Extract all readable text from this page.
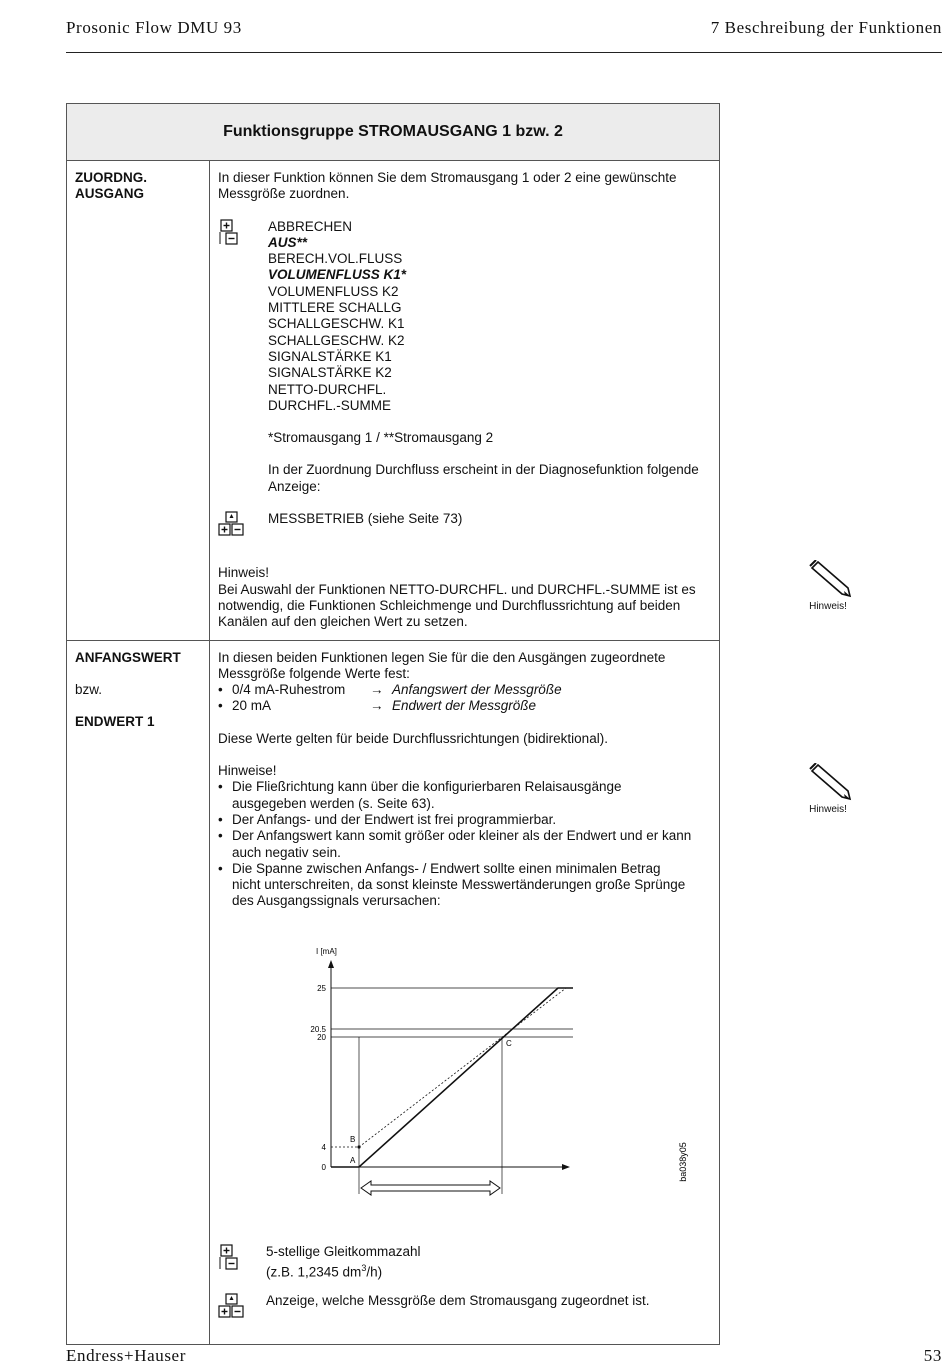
Prosonic Flow DMU 93	7 Beschreibung der Funktionen
Funktionsgruppe STROMAUSGANG 1 bzw. 2
ZUORDNG.
AUSGANG

In dieser Funktion können Sie dem Stromausgang 1 oder 2 eine gewünschte

Messgröße zuordnen.

ABBRECHEN
AUS**
BERECH.VOL.FLUSS
VOLUMENFLUSS K1*
VOLUMENFLUSS K2
MITTLERE SCHALLG
SCHALLGESCHW. K1
SCHALLGESCHW. K2
SIGNALSTÄRKE K1
SIGNALSTÄRKE K2
NETTO-DURCHFL.
DURCHFL.-SUMME

*Stromausgang 1 / **Stromausgang 2

In der Zuordnung Durchfluss erscheint in der Diagnosefunktion folgende

Anzeige:

MESSBETRIEB (siehe Seite 73)

Hinweis!

Bei Auswahl der Funktionen NETTO-DURCHFL. und DURCHFL.-SUMME ist es

notwendig, die Funktionen Schleichmenge und Durchflussrichtung auf beiden

Kanälen auf den gleichen Wert zu setzen.

ANFANGSWERT
bzw.
ENDWERT 1

In diesen beiden Funktionen legen Sie für die den Ausgängen zugeordnete

Messgröße folgende Werte fest:

• 0/4 mA-Ruhestrom → Anfangswert der Messgröße
• 20 mA	→ Endwert der Messgröße

Diese Werte gelten für beide Durchflussrichtungen (bidirektional).

Hinweise!

• Die Fließrichtung kann über die konfigurierbaren Relaisausgänge
ausgegeben werden (s. Seite 63).
• Der Anfangs- und der Endwert ist frei programmierbar.
• Der Anfangswert kann somit größer oder kleiner als der Endwert und er kann
auch negativ sein.
• Die Spanne zwischen Anfangs- / Endwert sollte einen minimalen Betrag
nicht unterschreiten, da sonst kleinste Messwertänderungen große Sprünge
des Ausgangssignals verursachen:
I [mA]
25
20.5
20
4
0
B
A
C
ba038y05

5-stellige Gleitkommazahl

(z.B. 1,2345 $dm^3/h$)

Anzeige, welche Messgröße dem Stromausgang zugeordnet ist.
Hinweis!
Hinweis!
Endress+Hauser	53
